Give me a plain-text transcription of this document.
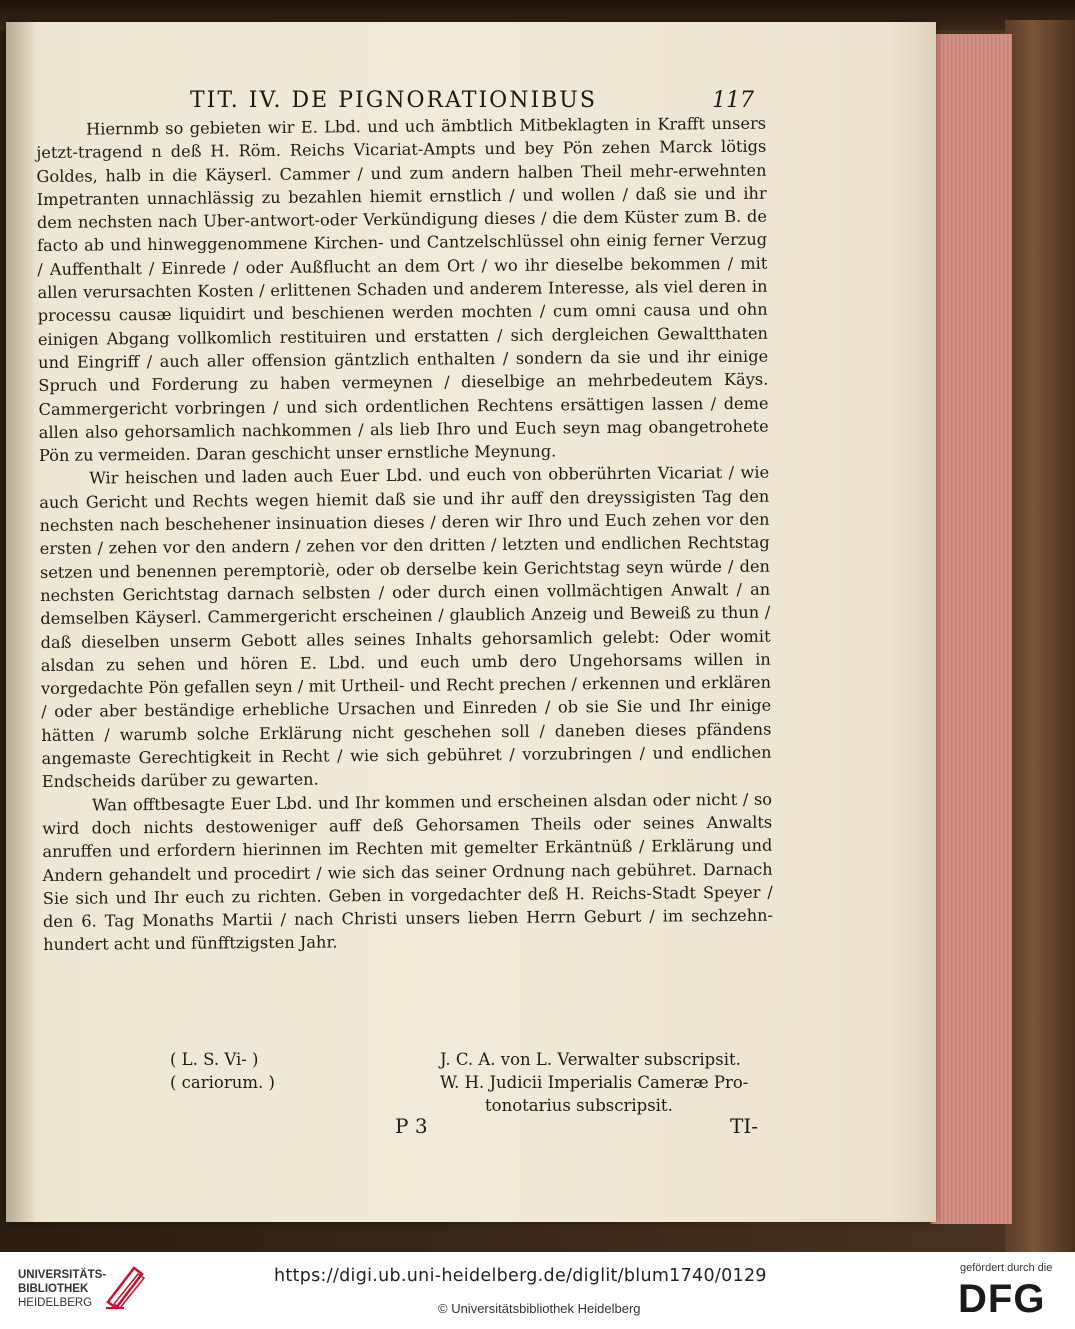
TIT. IV. DE PIGNORATIONIBUS	117

Hiernmb so gebieten wir E. Lbd. und uch ämbtlich Mitbeklagten in Krafft unsers jetzt-tragend n deß H. Röm. Reichs Vicariat-Ampts und bey Pön zehen Marck lötigs Goldes, halb in die Käyserl. Cammer / und zum andern halben Theil mehr-erwehnten Impetranten unnachlässig zu bezahlen hiemit ernstlich / und wollen / daß sie und ihr dem nechsten nach Uber-antwort-oder Verkündigung dieses / die dem Küster zum B. de facto ab und hinweggenommene Kirchen- und Cantzelschlüssel ohn einig ferner Verzug / Auffenthalt / Einrede / oder Außflucht an dem Ort / wo ihr dieselbe bekommen / mit allen verursachten Kosten / erlittenen Schaden und anderem Interesse, als viel deren in processu causæ liquidirt und beschienen werden mochten / cum omni causa und ohn einigen Abgang vollkomlich restituiren und erstatten / sich dergleichen Gewaltthaten und Eingriff / auch aller offension gäntzlich enthalten / sondern da sie und ihr einige Spruch und Forderung zu haben vermeynen / dieselbige an mehrbedeutem Käys. Cammergericht vorbringen / und sich ordentlichen Rechtens ersättigen lassen / deme allen also gehorsamlich nachkommen / als lieb Ihro und Euch seyn mag obangetrohete Pön zu vermeiden. Daran geschicht unser ernstliche Meynung.

Wir heischen und laden auch Euer Lbd. und euch von obberührten Vicariat / wie auch Gericht und Rechts wegen hiemit daß sie und ihr auff den dreyssigisten Tag den nechsten nach beschehener insinuation dieses / deren wir Ihro und Euch zehen vor den ersten / zehen vor den andern / zehen vor den dritten / letzten und endlichen Rechtstag setzen und benennen peremptoriè, oder ob derselbe kein Gerichtstag seyn würde / den nechsten Gerichtstag darnach selbsten / oder durch einen vollmächtigen Anwalt / an demselben Käyserl. Cammergericht erscheinen / glaublich Anzeig und Beweiß zu thun / daß dieselben unserm Gebott alles seines Inhalts gehorsamlich gelebt: Oder womit alsdan zu sehen und hören E. Lbd. und euch umb dero Ungehorsams willen in vorgedachte Pön gefallen seyn / mit Urtheil- und Recht prechen / erkennen und erklären / oder aber beständige erhebliche Ursachen und Einreden / ob sie Sie und Ihr einige hätten / warumb solche Erklärung nicht geschehen soll / daneben dieses pfändens angemaste Gerechtigkeit in Recht / wie sich gebühret / vorzubringen / und endlichen Endscheids darüber zu gewarten.

Wan offtbesagte Euer Lbd. und Ihr kommen und erscheinen alsdan oder nicht / so wird doch nichts destoweniger auff deß Gehorsamen Theils oder seines Anwalts anruffen und erfordern hierinnen im Rechten mit gemelter Erkäntnüß / Erklärung und Andern gehandelt und procedirt / wie sich das seiner Ordnung nach gebühret. Darnach Sie sich und Ihr euch zu richten. Geben in vorgedachter deß H. Reichs-Stadt Speyer / den 6. Tag Monaths Martii / nach Christi unsers lieben Herrn Geburt / im sechzehn-hundert acht und fünfftzigsten Jahr.

( L. S. Vi- )
( cariorum. )
J. C. A. von L. Verwalter subscripsit.
W. H. Judicii Imperialis Cameræ Pro-
tonotarius subscripsit.
P 3	TI-
UNIVERSITÄTS-
BIBLIOTHEK
HEIDELBERG
https://digi.ub.uni-heidelberg.de/diglit/blum1740/0129
© Universitätsbibliothek Heidelberg
gefördert durch die
DFG
